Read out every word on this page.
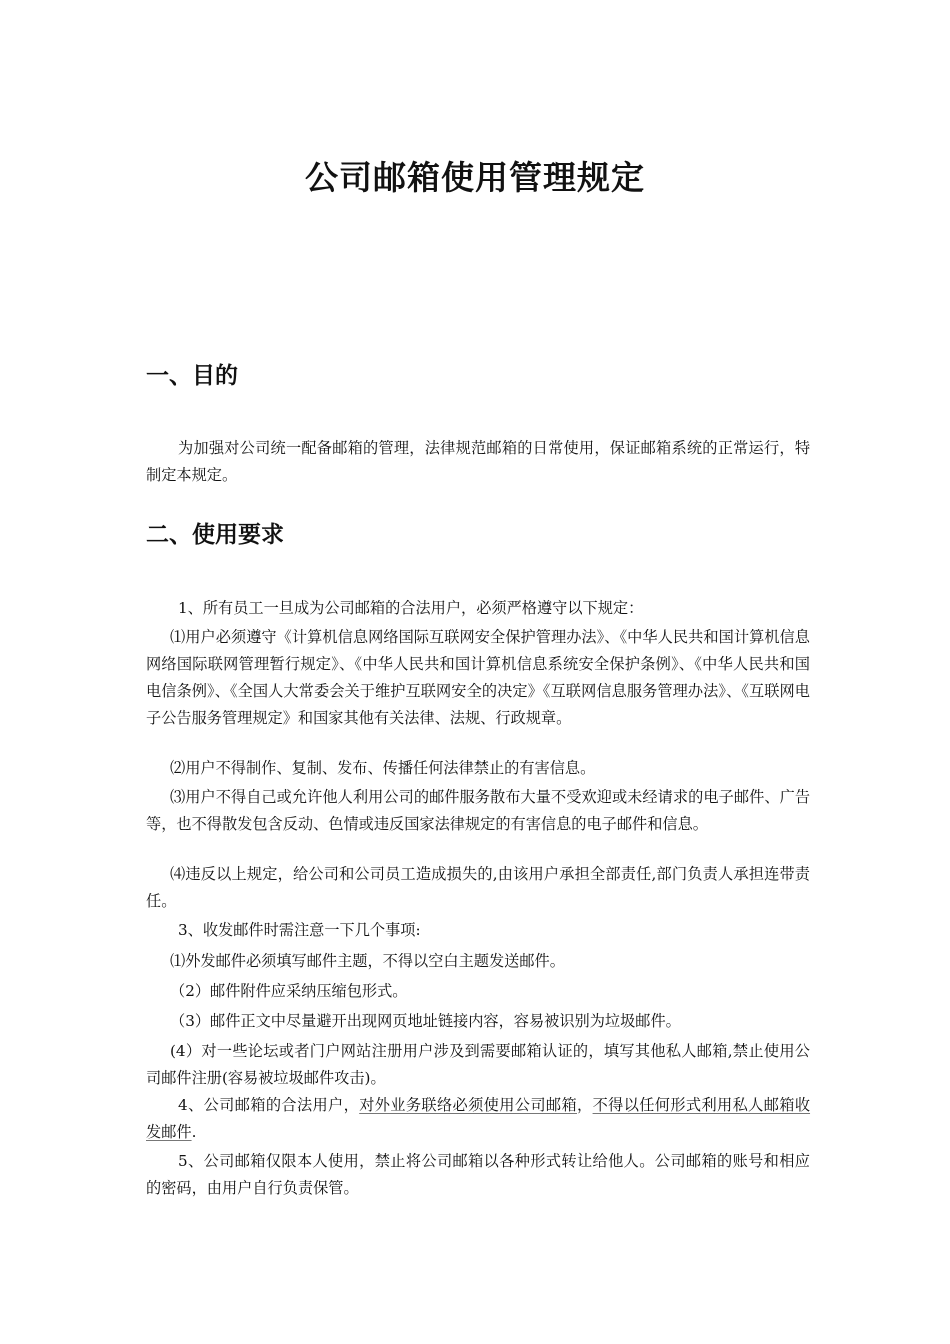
公司邮箱使用管理规定
一、目的

为加强对公司统一配备邮箱的管理，法律规范邮箱的日常使用，保证邮箱系统的正常运行，特制定本规定。

二、使用要求

1、所有员工一旦成为公司邮箱的合法用户，必须严格遵守以下规定：

⑴用户必须遵守《计算机信息网络国际互联网安全保护管理办法》、《中华人民共和国计算机信息网络国际联网管理暂行规定》、《中华人民共和国计算机信息系统安全保护条例》、《中华人民共和国电信条例》、《全国人大常委会关于维护互联网安全的决定》《互联网信息服务管理办法》、《互联网电子公告服务管理规定》和国家其他有关法律、法规、行政规章。

⑵用户不得制作、复制、发布、传播任何法律禁止的有害信息。

⑶用户不得自己或允许他人利用公司的邮件服务散布大量不受欢迎或未经请求的电子邮件、广告等，也不得散发包含反动、色情或违反国家法律规定的有害信息的电子邮件和信息。

⑷违反以上规定，给公司和公司员工造成损失的,由该用户承担全部责任,部门负责人承担连带责任。

3、收发邮件时需注意一下几个事项:

⑴外发邮件必须填写邮件主题，不得以空白主题发送邮件。

（2）邮件附件应采纳压缩包形式。

（3）邮件正文中尽量避开出现网页地址链接内容，容易被识别为垃圾邮件。

(4）对一些论坛或者门户网站注册用户涉及到需要邮箱认证的，填写其他私人邮箱,禁止使用公司邮件注册(容易被垃圾邮件攻击)。

4、公司邮箱的合法用户，对外业务联络必须使用公司邮箱，不得以任何形式利用私人邮箱收发邮件.

5、公司邮箱仅限本人使用，禁止将公司邮箱以各种形式转让给他人。公司邮箱的账号和相应的密码，由用户自行负责保管。
